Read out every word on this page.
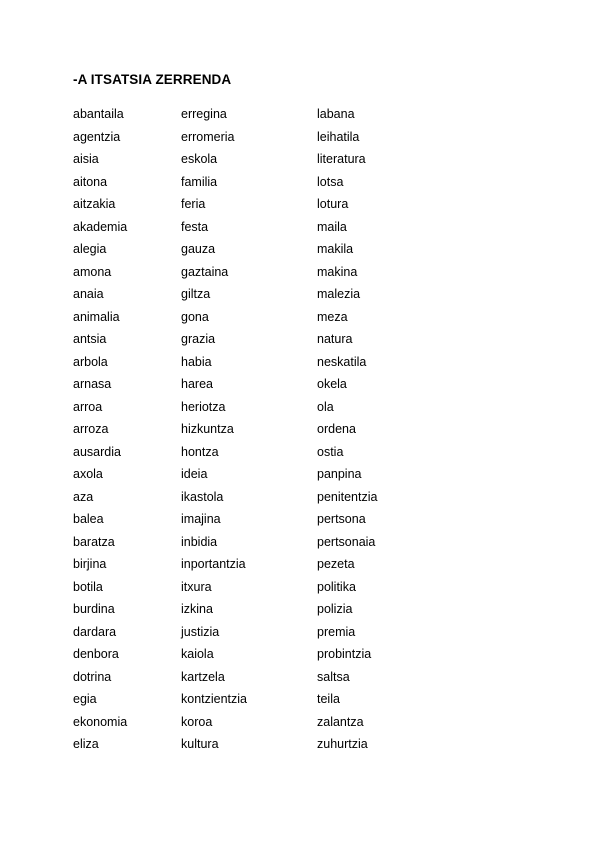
-A ITSATSIA ZERRENDA
abantaila
agentzia
aisia
aitona
aitzakia
akademia
alegia
amona
anaia
animalia
antsia
arbola
arnasa
arroa
arroza
ausardia
axola
aza
balea
baratza
birjina
botila
burdina
dardara
denbora
dotrina
egia
ekonomia
eliza
erregina
erromeria
eskola
familia
feria
festa
gauza
gaztaina
giltza
gona
grazia
habia
harea
heriotza
hizkuntza
hontza
ideia
ikastola
imajina
inbidia
inportantzia
itxura
izkina
justizia
kaiola
kartzela
kontzientzia
koroa
kultura
labana
leihatila
literatura
lotsa
lotura
maila
makila
makina
malezia
meza
natura
neskatila
okela
ola
ordena
ostia
panpina
penitentzia
pertsona
pertsonaia
pezeta
politika
polizia
premia
probintzia
saltsa
teila
zalantza
zuhurtzia
